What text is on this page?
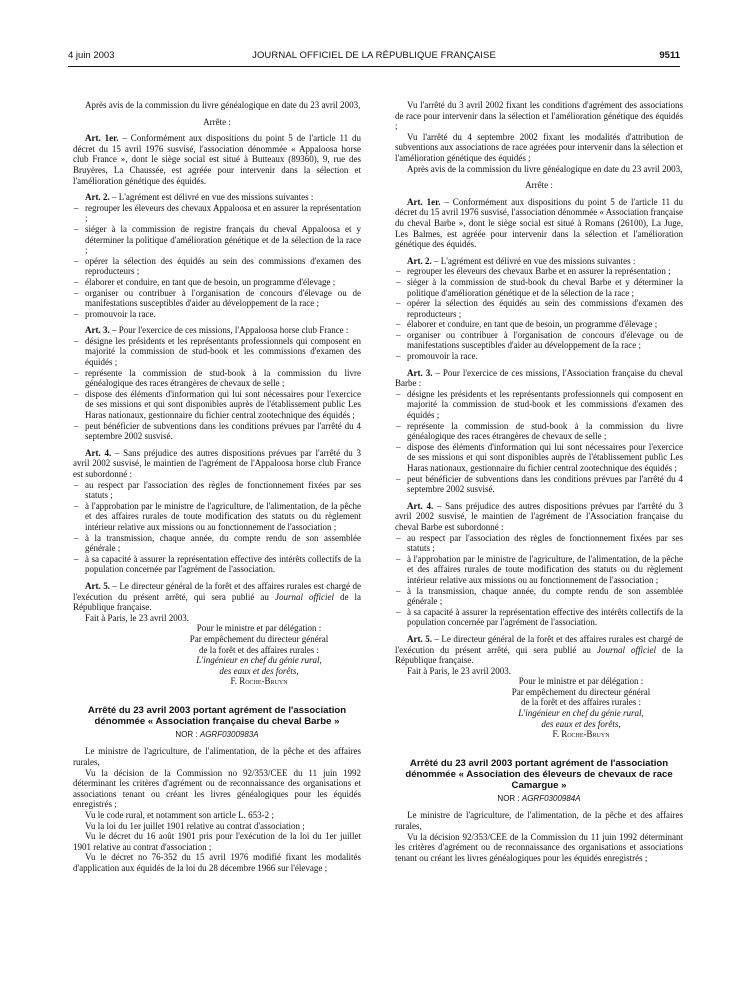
4 juin 2003	JOURNAL OFFICIEL DE LA RÉPUBLIQUE FRANÇAISE	9511

Après avis de la commission du livre généalogique en date du 23 avril 2003,

Arrête :

Art. 1er. – Conformément aux dispositions du point 5 de l'article 11 du décret du 15 avril 1976 susvisé, l'association dénommée « Appaloosa horse club France », dont le siège social est situé à Butteaux (89360), 9, rue des Bruyères, La Chaussée, est agréée pour intervenir dans la sélection et l'amélioration génétique des équidés.

Art. 2. – L'agrément est délivré en vue des missions suivantes :

– regrouper les éleveurs des chevaux Appaloosa et en assurer la représentation ;
– siéger à la commission de registre français du cheval Appaloosa et y déterminer la politique d'amélioration génétique et de la sélection de la race ;
– opérer la sélection des équidés au sein des commissions d'examen des reproducteurs ;
– élaborer et conduire, en tant que de besoin, un programme d'élevage ;
– organiser ou contribuer à l'organisation de concours d'élevage ou de manifestations susceptibles d'aider au développement de la race ;
– promouvoir la race.

Art. 3. – Pour l'exercice de ces missions, l'Appaloosa horse club France :

– désigne les présidents et les représentants professionnels qui composent en majorité la commission de stud-book et les commissions d'examen des équidés ;
– représente la commission de stud-book à la commission du livre généalogique des races étrangères de chevaux de selle ;
– dispose des éléments d'information qui lui sont nécessaires pour l'exercice de ses missions et qui sont disponibles auprès de l'établissement public Les Haras nationaux, gestionnaire du fichier central zootechnique des équidés ;
– peut bénéficier de subventions dans les conditions prévues par l'arrêté du 4 septembre 2002 susvisé.

Art. 4. – Sans préjudice des autres dispositions prévues par l'arrêté du 3 avril 2002 susvisé, le maintien de l'agrément de l'Appaloosa horse club France est subordonné :

– au respect par l'association des règles de fonctionnement fixées par ses statuts ;
– à l'approbation par le ministre de l'agriculture, de l'alimentation, de la pêche et des affaires rurales de toute modification des statuts ou du règlement intérieur relative aux missions ou au fonctionnement de l'association ;
– à la transmission, chaque année, du compte rendu de son assemblée générale ;
– à sa capacité à assurer la représentation effective des intérêts collectifs de la population concernée par l'agrément de l'association.

Art. 5. – Le directeur général de la forêt et des affaires rurales est chargé de l'exécution du présent arrêté, qui sera publié au Journal officiel de la République française.

Fait à Paris, le 23 avril 2003.

Pour le ministre et par délégation :

Par empêchement du directeur général

de la forêt et des affaires rurales :

L'ingénieur en chef du génie rural,

des eaux et des forêts,

F. Roche-Bruyn

Arrêté du 23 avril 2003 portant agrément de l'association dénommée « Association française du cheval Barbe »

NOR : AGRF0300983A

Le ministre de l'agriculture, de l'alimentation, de la pêche et des affaires rurales,

Vu la décision de la Commission no 92/353/CEE du 11 juin 1992 déterminant les critères d'agrément ou de reconnaissance des organisations et associations tenant ou créant les livres généalogiques pour les équidés enregistrés ;

Vu le code rural, et notamment son article L. 653-2 ;

Vu la loi du 1er juillet 1901 relative au contrat d'association ;

Vu le décret du 16 août 1901 pris pour l'exécution de la loi du 1er juillet 1901 relative au contrat d'association ;

Vu le décret no 76-352 du 15 avril 1976 modifié fixant les modalités d'application aux équidés de la loi du 28 décembre 1966 sur l'élevage ;

Vu l'arrêté du 3 avril 2002 fixant les conditions d'agrément des associations de race pour intervenir dans la sélection et l'amélioration génétique des équidés ;

Vu l'arrêté du 4 septembre 2002 fixant les modalités d'attribution de subventions aux associations de race agréées pour intervenir dans la sélection et l'amélioration génétique des équidés ;

Après avis de la commission du livre généalogique en date du 23 avril 2003,

Arrête :

Art. 1er. – Conformément aux dispositions du point 5 de l'article 11 du décret du 15 avril 1976 susvisé, l'association dénommée « Association française du cheval Barbe », dont le siège social est situé à Romans (26100), La Juge, Les Balmes, est agréée pour intervenir dans la sélection et l'amélioration génétique des équidés.

Art. 2. – L'agrément est délivré en vue des missions suivantes :

– regrouper les éleveurs des chevaux Barbe et en assurer la représentation ;
– siéger à la commission de stud-book du cheval Barbe et y déterminer la politique d'amélioration génétique et de la sélection de la race ;
– opérer la sélection des équidés au sein des commissions d'examen des reproducteurs ;
– élaborer et conduire, en tant que de besoin, un programme d'élevage ;
– organiser ou contribuer à l'organisation de concours d'élevage ou de manifestations susceptibles d'aider au développement de la race ;
– promouvoir la race.

Art. 3. – Pour l'exercice de ces missions, l'Association française du cheval Barbe :

– désigne les présidents et les représentants professionnels qui composent en majorité la commission de stud-book et les commissions d'examen des équidés ;
– représente la commission de stud-book à la commission du livre généalogique des races étrangères de chevaux de selle ;
– dispose des éléments d'information qui lui sont nécessaires pour l'exercice de ses missions et qui sont disponibles auprès de l'établissement public Les Haras nationaux, gestionnaire du fichier central zootechnique des équidés ;
– peut bénéficier de subventions dans les conditions prévues par l'arrêté du 4 septembre 2002 susvisé.

Art. 4. – Sans préjudice des autres dispositions prévues par l'arrêté du 3 avril 2002 susvisé, le maintien de l'agrément de l'Association française du cheval Barbe est subordonné :

– au respect par l'association des règles de fonctionnement fixées par ses statuts ;
– à l'approbation par le ministre de l'agriculture, de l'alimentation, de la pêche et des affaires rurales de toute modification des statuts ou du règlement intérieur relative aux missions ou au fonctionnement de l'association ;
– à la transmission, chaque année, du compte rendu de son assemblée générale ;
– à sa capacité à assurer la représentation effective des intérêts collectifs de la population concernée par l'agrément de l'association.

Art. 5. – Le directeur général de la forêt et des affaires rurales est chargé de l'exécution du présent arrêté, qui sera publié au Journal officiel de la République française.

Fait à Paris, le 23 avril 2003.

Pour le ministre et par délégation :

Par empêchement du directeur général

de la forêt et des affaires rurales :

L'ingénieur en chef du génie rural,

des eaux et des forêts,

F. Roche-Bruyn

Arrêté du 23 avril 2003 portant agrément de l'association dénommée « Association des éleveurs de chevaux de race Camargue »

NOR : AGRF0300984A

Le ministre de l'agriculture, de l'alimentation, de la pêche et des affaires rurales,

Vu la décision 92/353/CEE de la Commission du 11 juin 1992 déterminant les critères d'agrément ou de reconnaissance des organisations et associations tenant ou créant les livres généalogiques pour les équidés enregistrés ;
